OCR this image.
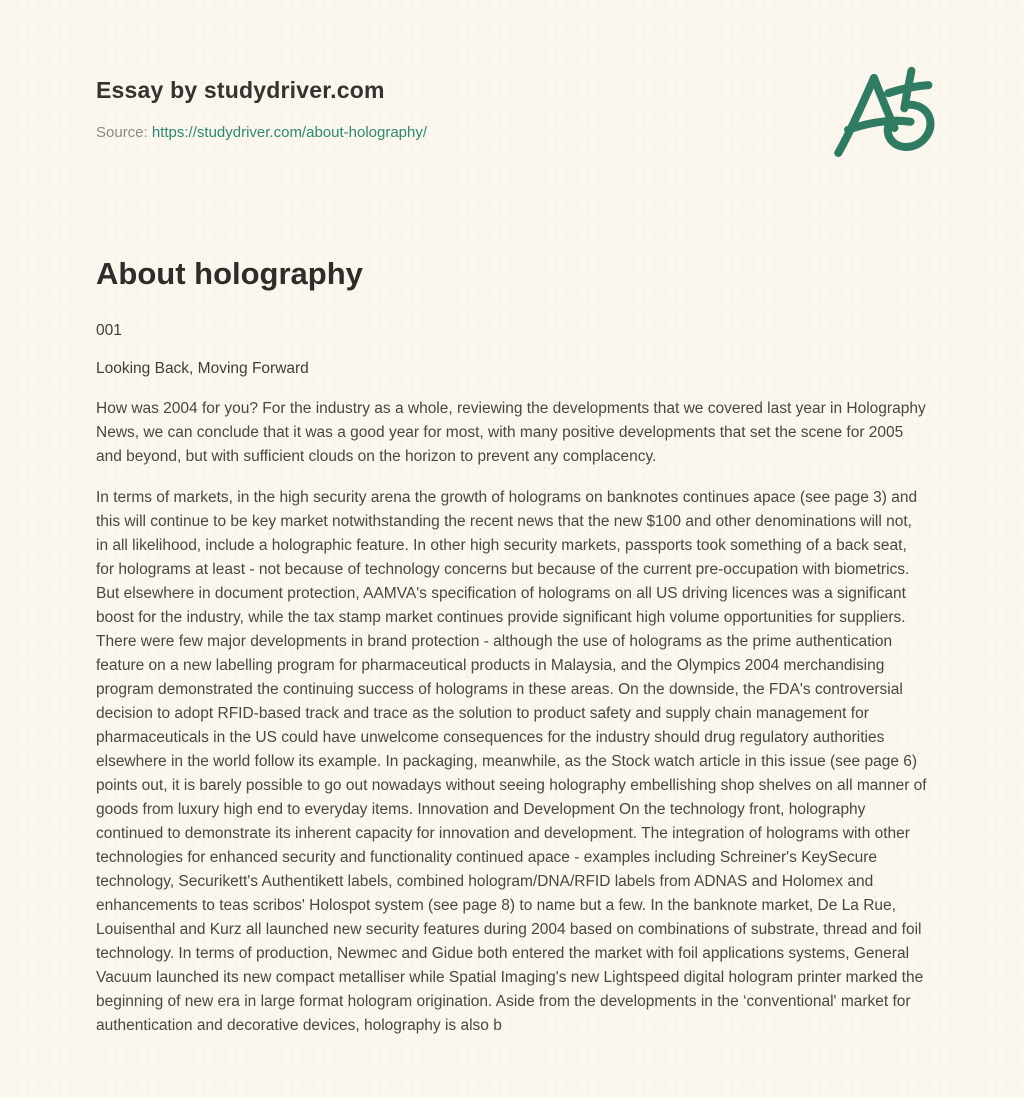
Essay by studydriver.com
Source: https://studydriver.com/about-holography/
About holography
001
Looking Back, Moving Forward

How was 2004 for you? For the industry as a whole, reviewing the developments that we covered last year in Holography News, we can conclude that it was a good year for most, with many positive developments that set the scene for 2005 and beyond, but with sufficient clouds on the horizon to prevent any complacency.

In terms of markets, in the high security arena the growth of holograms on banknotes continues apace (see page 3) and this will continue to be key market notwithstanding the recent news that the new $100 and other denominations will not, in all likelihood, include a holographic feature. In other high security markets, passports took something of a back seat, for holograms at least - not because of technology concerns but because of the current pre-occupation with biometrics. But elsewhere in document protection, AAMVA's specification of holograms on all US driving licences was a significant boost for the industry, while the tax stamp market continues provide significant high volume opportunities for suppliers. There were few major developments in brand protection - although the use of holograms as the prime authentication feature on a new labelling program for pharmaceutical products in Malaysia, and the Olympics 2004 merchandising program demonstrated the continuing success of holograms in these areas. On the downside, the FDA's controversial decision to adopt RFID-based track and trace as the solution to product safety and supply chain management for pharmaceuticals in the US could have unwelcome consequences for the industry should drug regulatory authorities elsewhere in the world follow its example. In packaging, meanwhile, as the Stock watch article in this issue (see page 6) points out, it is barely possible to go out nowadays without seeing holography embellishing shop shelves on all manner of goods from luxury high end to everyday items. Innovation and Development On the technology front, holography continued to demonstrate its inherent capacity for innovation and development. The integration of holograms with other technologies for enhanced security and functionality continued apace - examples including Schreiner's KeySecure technology, Securikett's Authentikett labels, combined hologram/DNA/RFID labels from ADNAS and Holomex and enhancements to teas scribos' Holospot system (see page 8) to name but a few. In the banknote market, De La Rue, Louisenthal and Kurz all launched new security features during 2004 based on combinations of substrate, thread and foil technology. In terms of production, Newmec and Gidue both entered the market with foil applications systems, General Vacuum launched its new compact metalliser while Spatial Imaging's new Lightspeed digital hologram printer marked the beginning of new era in large format hologram origination. Aside from the developments in the ‘conventional' market for authentication and decorative devices, holography is also b
